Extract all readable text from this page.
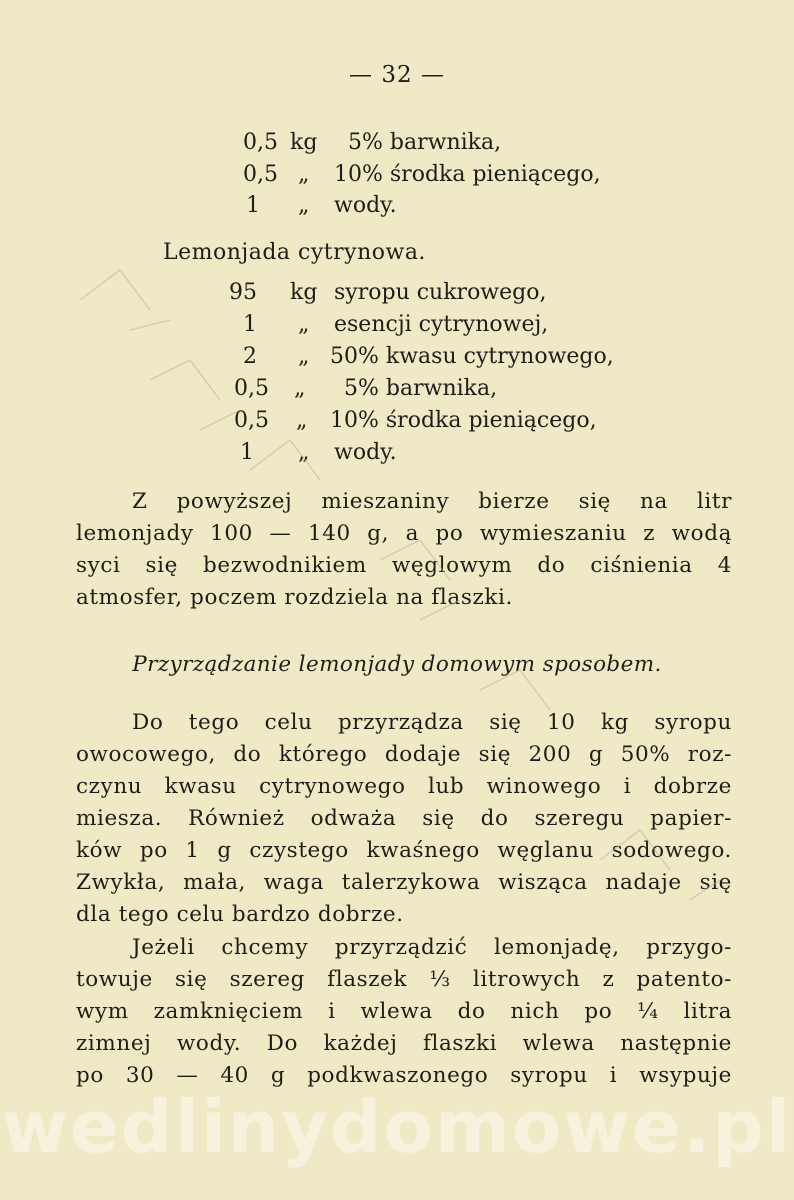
— 32 —
0,5 kg 5% barwnika,
0,5 „ 10% środka pieniącego,
1 „ wody.
Lemonjada cytrynowa.
95 kg syropu cukrowego,
1 „ esencji cytrynowej,
2 „ 50% kwasu cytrynowego,
0,5 „ 5% barwnika,
0,5 „ 10% środka pieniącego,
1 „ wody.

Z powyższej mieszaniny bierze się na litr

lemonjady 100 — 140 g, a po wymieszaniu z wodą

syci się bezwodnikiem węglowym do ciśnienia 4

atmosfer, poczem rozdziela na flaszki.

Przyrządzanie lemonjady domowym sposobem.

Do tego celu przyrządza się 10 kg syropu

owocowego, do którego dodaje się 200 g 50% roz-

czynu kwasu cytrynowego lub winowego i dobrze

miesza. Również odważa się do szeregu papier-

ków po 1 g czystego kwaśnego węglanu sodowego.

Zwykła, mała, waga talerzykowa wisząca nadaje się

dla tego celu bardzo dobrze.

Jeżeli chcemy przyrządzić lemonjadę, przygo-

towuje się szereg flaszek ⅓ litrowych z patento-

wym zamknięciem i wlewa do nich po ¼ litra

zimnej wody. Do każdej flaszki wlewa następnie

po 30 — 40 g podkwaszonego syropu i wsypuje

wedlinydomowe.pl
